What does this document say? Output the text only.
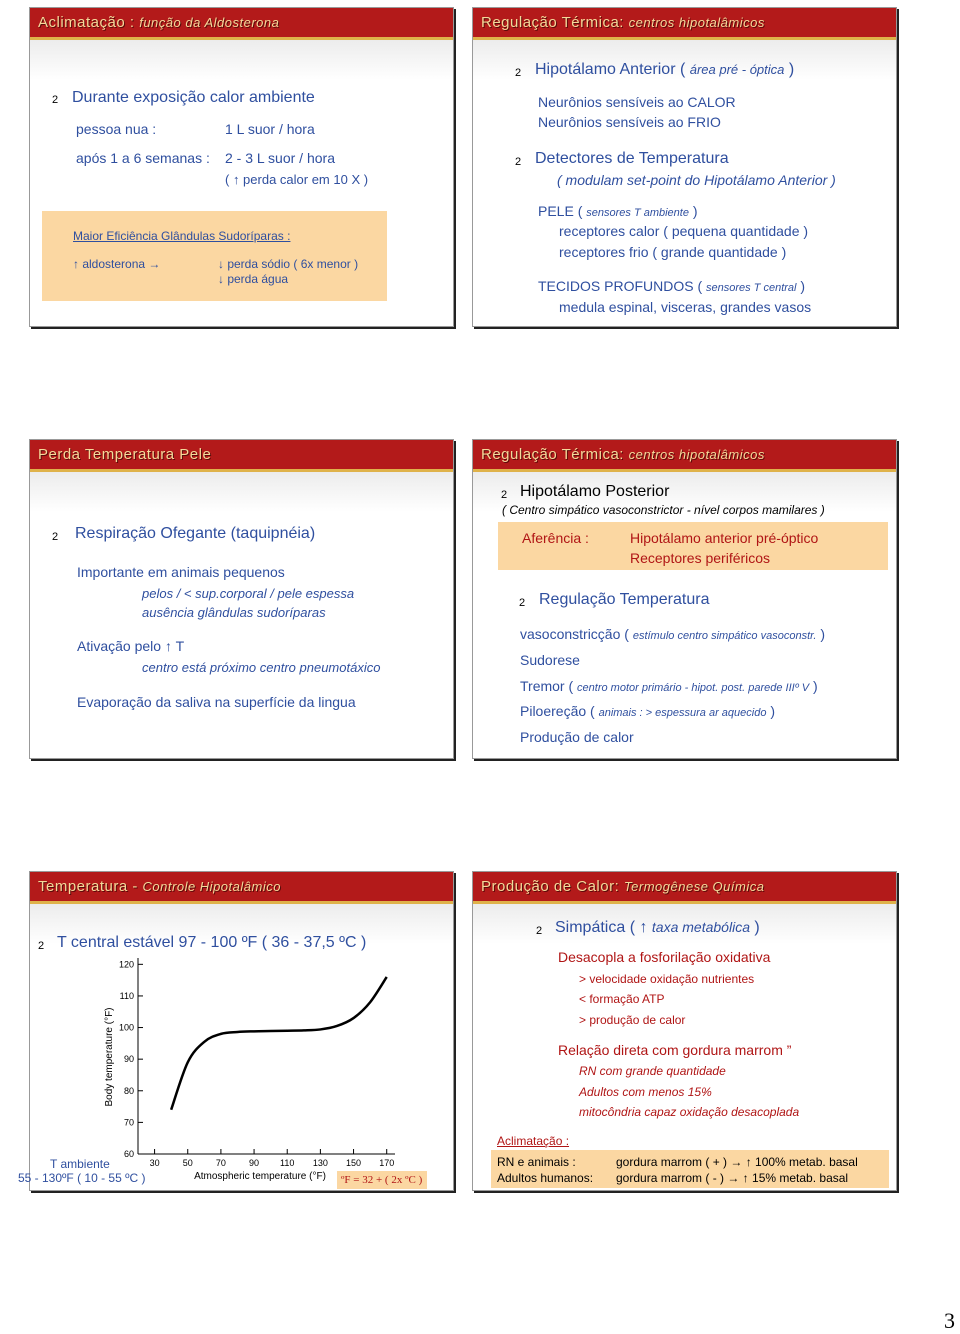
Aclimatação : função da Aldosterona
2 Durante exposição calor ambiente
pessoa nua :	1 L suor / hora
após 1 a 6 semanas : 2 - 3 L suor / hora
( ↑ perda calor em 10 X )
Maior Eficiência Glândulas Sudoríparas :
↑ aldosterona →	↓ perda sódio ( 6x menor )
↓ perda água
Regulação Térmica: centros hipotalâmicos
2 Hipotálamo Anterior ( área pré - óptica )
Neurônios sensíveis ao CALOR
Neurônios sensíveis ao FRIO
2 Detectores de Temperatura
( modulam set-point do Hipotálamo Anterior )
PELE ( sensores T ambiente )
receptores calor ( pequena quantidade )
receptores frio ( grande quantidade )
TECIDOS PROFUNDOS ( sensores T central )
medula espinal, visceras, grandes vasos
Perda Temperatura Pele
2 Respiração Ofegante (taquipnéia)
Importante em animais pequenos
pelos / < sup.corporal / pele espessa
ausência glândulas sudoríparas
Ativação pelo ↑ T
centro está próximo centro pneumotáxico
Evaporação da saliva na superfície da lingua
Regulação Térmica: centros hipotalâmicos
2 Hipotálamo Posterior
( Centro simpático vasoconstrictor - nível corpos mamilares )
Aferência :	Hipotálamo anterior pré-óptico
Receptores periféricos
2 Regulação Temperatura
vasoconstricção ( estímulo centro simpático vasoconstr. )
Sudorese
Tremor ( centro motor primário - hipot. post. parede IIIº V )
Piloereção ( animais : > espessura ar aquecido )
Produção de calor
Temperatura - Controle Hipotalâmico
2 T central estável 97 - 100 ºF ( 36 - 37,5 ºC )
60
70
80
90
100
110
120
30	50	70	90 110 130 150 170
Atmospheric temperature (°F)
Body temperature (°F)
T ambiente
55 - 130ºF ( 10 - 55 ºC )	ºF = 32 + ( 2x ºC )
Produção de Calor: Termogênese Química
2 Simpática ( ↑ taxa metabólica )
Desacopla a fosforilação oxidativa
> velocidade oxidação nutrientes
< formação ATP
> produção de calor
Relação direta com gordura marrom ”
RN com grande quantidade
Adultos com menos 15%
mitocôndria capaz oxidação desacoplada
Aclimatação :
RN e animais :	gordura marrom ( + ) → ↑ 100% metab. basal
Adultos humanos: gordura marrom ( - ) → ↑ 15% metab. basal
3
